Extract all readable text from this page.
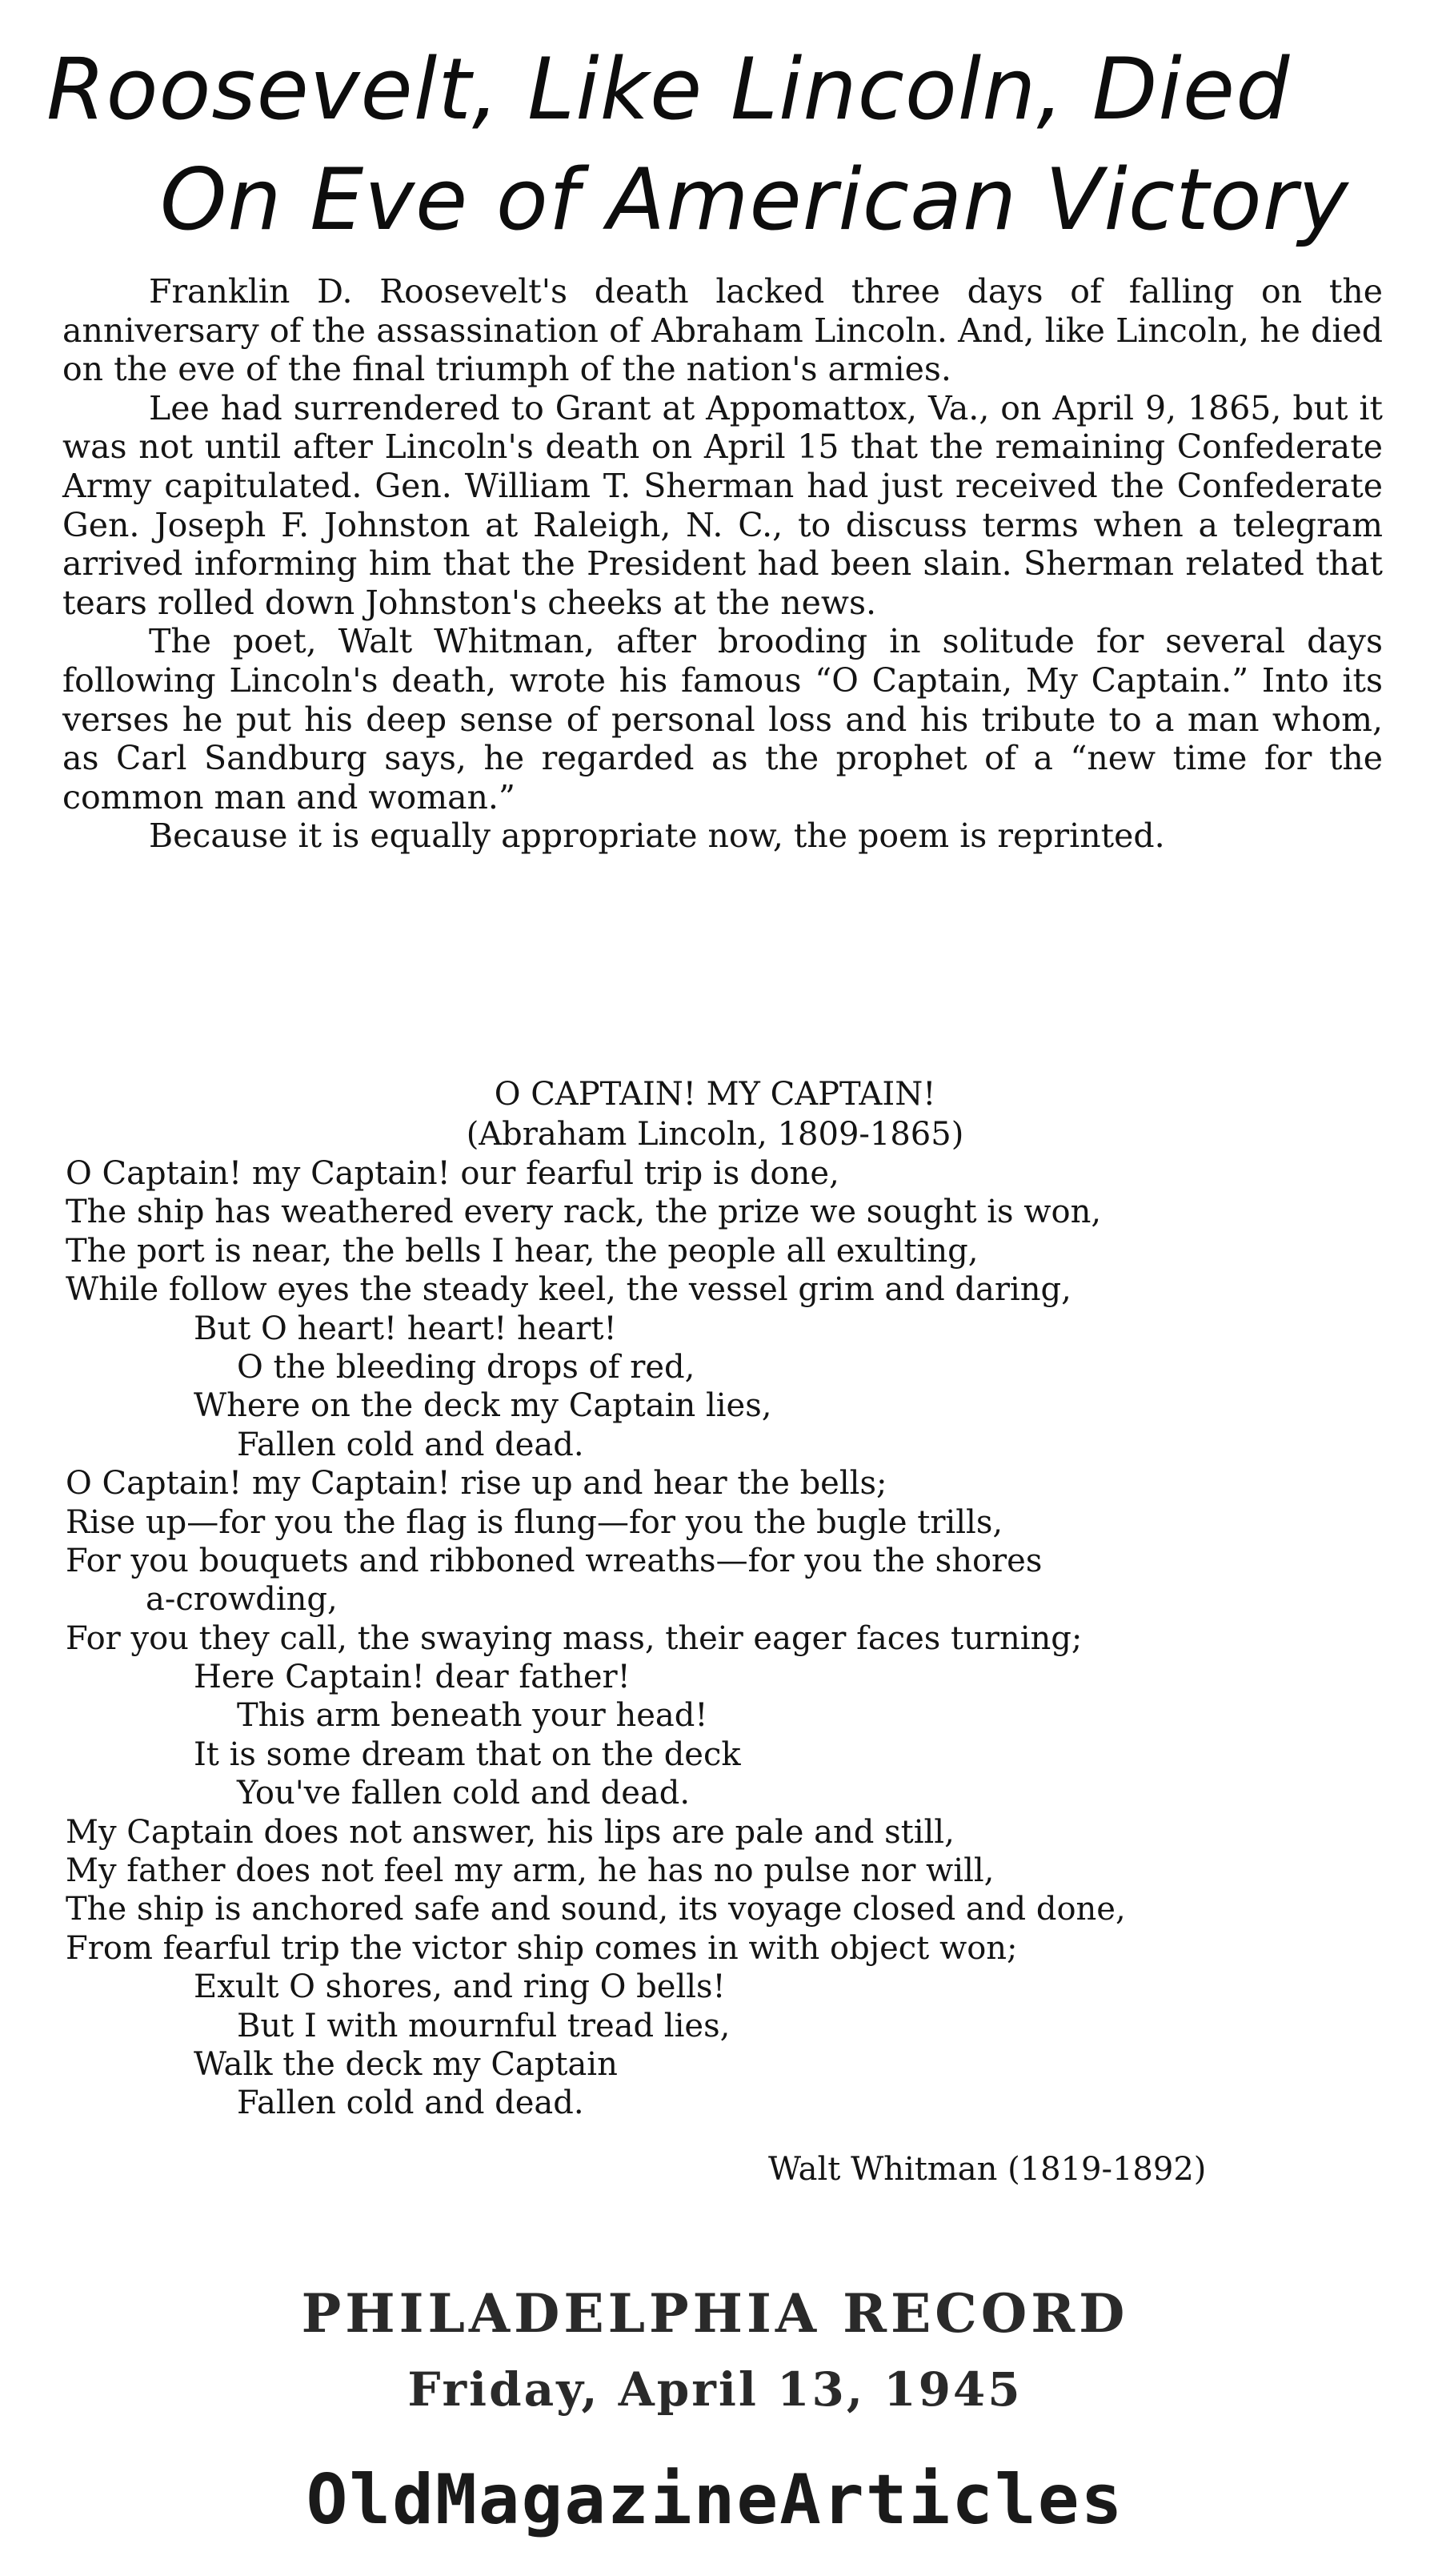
Roosevelt, Like Lincoln, Died
On Eve of American Victory

Franklin D. Roosevelt's death lacked three days of falling on the anniversary of the assassination of Abraham Lincoln. And, like Lincoln, he died on the eve of the final triumph of the nation's armies.

Lee had surrendered to Grant at Appomattox, Va., on April 9, 1865, but it was not until after Lincoln's death on April 15 that the remaining Confederate Army capitulated. Gen. William T. Sherman had just received the Confederate Gen. Joseph F. Johnston at Raleigh, N. C., to discuss terms when a telegram arrived informing him that the President had been slain. Sherman related that tears rolled down Johnston's cheeks at the news.

The poet, Walt Whitman, after brooding in solitude for several days following Lincoln's death, wrote his famous “O Captain, My Captain.” Into its verses he put his deep sense of personal loss and his tribute to a man whom, as Carl Sandburg says, he regarded as the prophet of a “new time for the common man and woman.”

Because it is equally appropriate now, the poem is reprinted.

O CAPTAIN! MY CAPTAIN!
(Abraham Lincoln, 1809-1865)
O Captain! my Captain! our fearful trip is done,
The ship has weathered every rack, the prize we sought is won,
The port is near, the bells I hear, the people all exulting,
While follow eyes the steady keel, the vessel grim and daring,
But O heart! heart! heart!
O the bleeding drops of red,
Where on the deck my Captain lies,
Fallen cold and dead.
O Captain! my Captain! rise up and hear the bells;
Rise up—for you the flag is flung—for you the bugle trills,
For you bouquets and ribboned wreaths—for you the shores
a-crowding,
For you they call, the swaying mass, their eager faces turning;
Here Captain! dear father!
This arm beneath your head!
It is some dream that on the deck
You've fallen cold and dead.
My Captain does not answer, his lips are pale and still,
My father does not feel my arm, he has no pulse nor will,
The ship is anchored safe and sound, its voyage closed and done,
From fearful trip the victor ship comes in with object won;
Exult O shores, and ring O bells!
But I with mournful tread lies,
Walk the deck my Captain
Fallen cold and dead.
Walt Whitman (1819-1892)
PHILADELPHIA RECORD
Friday, April 13, 1945
OldMagazineArticles
